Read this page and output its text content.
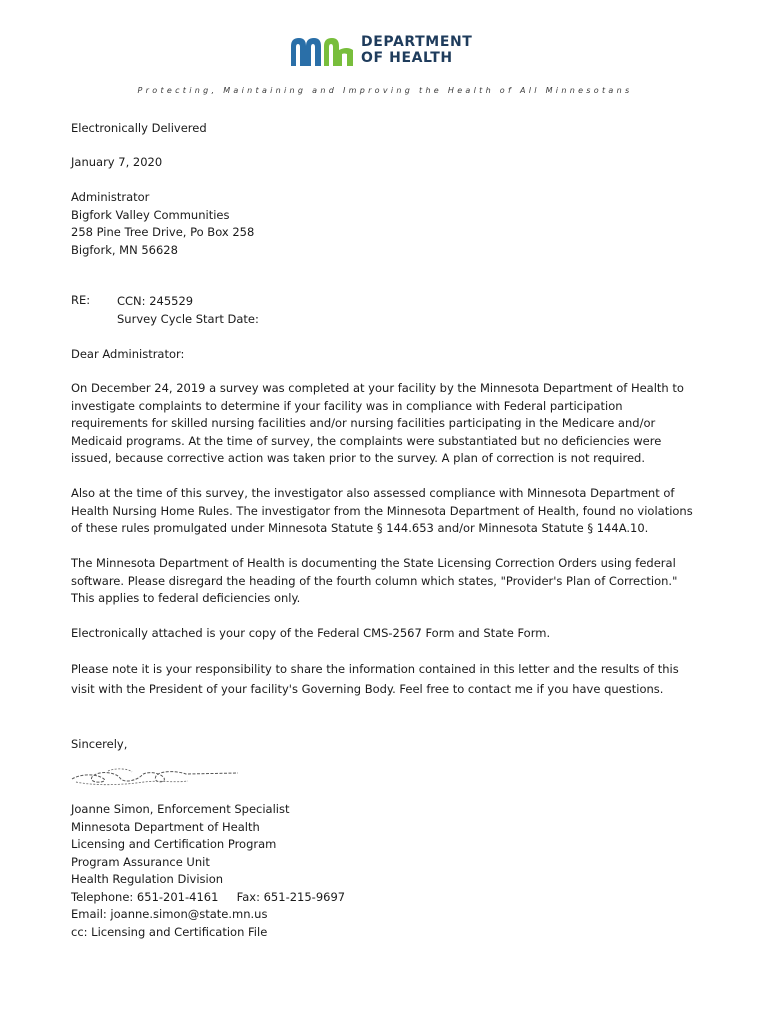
DEPARTMENT
OF HEALTH
Protecting, Maintaining and Improving the Health of All Minnesotans

Electronically Delivered

January 7, 2020

Administrator
Bigfork Valley Communities
258 Pine Tree Drive, Po Box 258
Bigfork, MN 56628
RE: CCN: 245529
Survey Cycle Start Date:

Dear Administrator:

On December 24, 2019 a survey was completed at your facility by the Minnesota Department of Health to investigate complaints to determine if your facility was in compliance with Federal participation requirements for skilled nursing facilities and/or nursing facilities participating in the Medicare and/or Medicaid programs. At the time of survey, the complaints were substantiated but no deficiencies were issued, because corrective action was taken prior to the survey. A plan of correction is not required.

Also at the time of this survey, the investigator also assessed compliance with Minnesota Department of Health Nursing Home Rules. The investigator from the Minnesota Department of Health, found no violations of these rules promulgated under Minnesota Statute § 144.653 and/or Minnesota Statute § 144A.10.

The Minnesota Department of Health is documenting the State Licensing Correction Orders using federal software. Please disregard the heading of the fourth column which states, "Provider's Plan of Correction." This applies to federal deficiencies only.

Electronically attached is your copy of the Federal CMS-2567 Form and State Form.

Please note it is your responsibility to share the information contained in this letter and the results of this visit with the President of your facility's Governing Body. Feel free to contact me if you have questions.

Sincerely,

Joanne Simon, Enforcement Specialist
Minnesota Department of Health
Licensing and Certification Program
Program Assurance Unit
Health Regulation Division
Telephone: 651-201-4161     Fax: 651-215-9697
Email: joanne.simon@state.mn.us
cc: Licensing and Certification File
